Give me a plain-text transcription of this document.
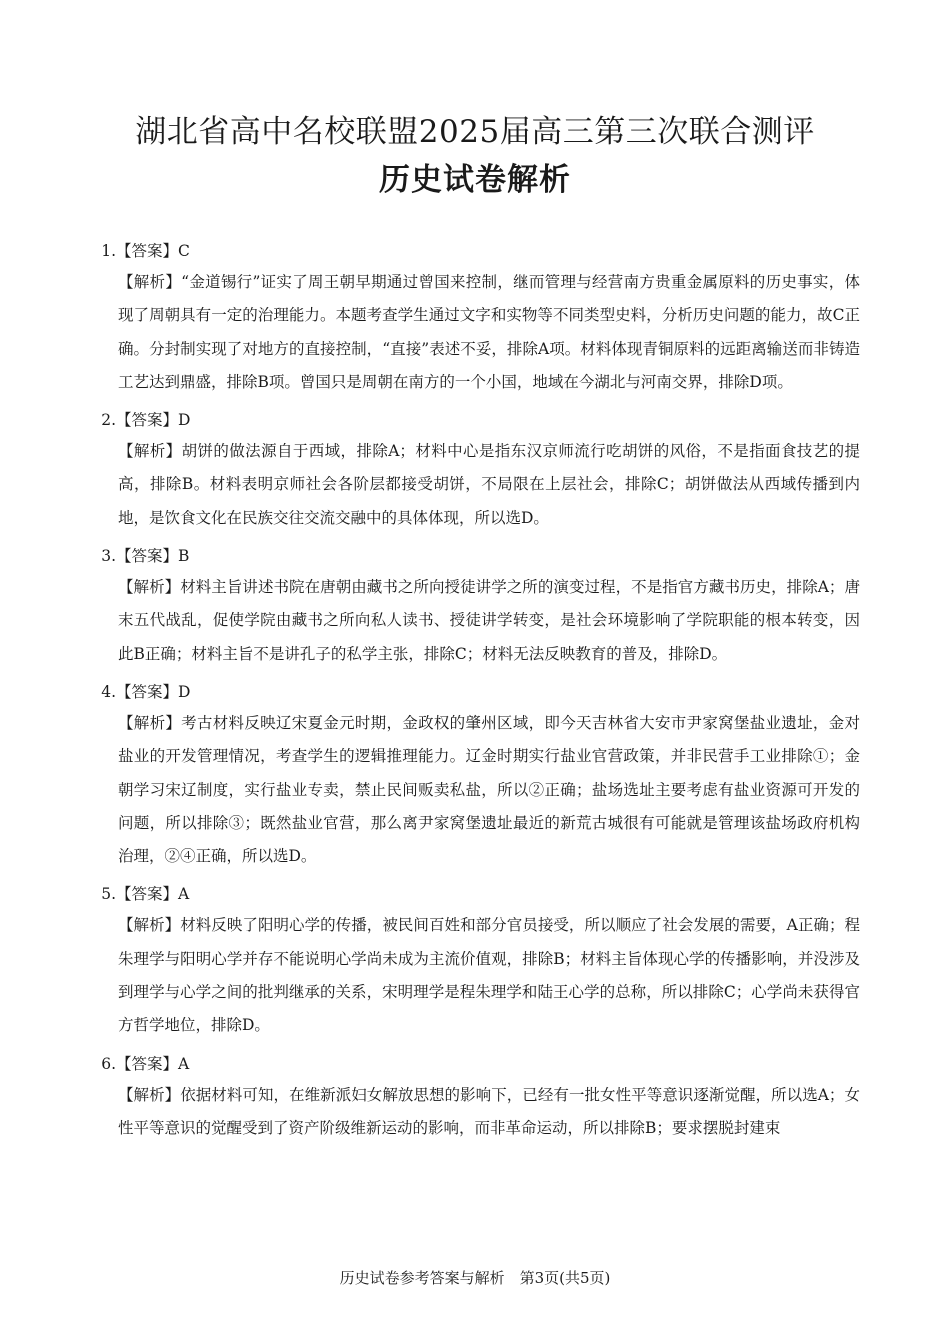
湖北省高中名校联盟2025届高三第三次联合测评
历史试卷解析
1.【答案】C
【解析】“金道锡行”证实了周王朝早期通过曾国来控制，继而管理与经营南方贵重金属原料的历史事实，体现了周朝具有一定的治理能力。本题考查学生通过文字和实物等不同类型史料，分析历史问题的能力，故C正确。分封制实现了对地方的直接控制，“直接”表述不妥，排除A项。材料体现青铜原料的远距离输送而非铸造工艺达到鼎盛，排除B项。曾国只是周朝在南方的一个小国，地域在今湖北与河南交界，排除D项。
2.【答案】D
【解析】胡饼的做法源自于西域，排除A；材料中心是指东汉京师流行吃胡饼的风俗，不是指面食技艺的提高，排除B。材料表明京师社会各阶层都接受胡饼，不局限在上层社会，排除C；胡饼做法从西域传播到内地，是饮食文化在民族交往交流交融中的具体体现，所以选D。
3.【答案】B
【解析】材料主旨讲述书院在唐朝由藏书之所向授徒讲学之所的演变过程，不是指官方藏书历史，排除A；唐末五代战乱，促使学院由藏书之所向私人读书、授徒讲学转变，是社会环境影响了学院职能的根本转变，因此B正确；材料主旨不是讲孔子的私学主张，排除C；材料无法反映教育的普及，排除D。
4.【答案】D
【解析】考古材料反映辽宋夏金元时期，金政权的肇州区域，即今天吉林省大安市尹家窝堡盐业遗址，金对盐业的开发管理情况，考查学生的逻辑推理能力。辽金时期实行盐业官营政策，并非民营手工业排除①；金朝学习宋辽制度，实行盐业专卖，禁止民间贩卖私盐，所以②正确；盐场选址主要考虑有盐业资源可开发的问题，所以排除③；既然盐业官营，那么离尹家窝堡遗址最近的新荒古城很有可能就是管理该盐场政府机构治理，②④正确，所以选D。
5.【答案】A
【解析】材料反映了阳明心学的传播，被民间百姓和部分官员接受，所以顺应了社会发展的需要，A正确；程朱理学与阳明心学并存不能说明心学尚未成为主流价值观，排除B；材料主旨体现心学的传播影响，并没涉及到理学与心学之间的批判继承的关系，宋明理学是程朱理学和陆王心学的总称，所以排除C；心学尚未获得官方哲学地位，排除D。
6.【答案】A
【解析】依据材料可知，在维新派妇女解放思想的影响下，已经有一批女性平等意识逐渐觉醒，所以选A；女性平等意识的觉醒受到了资产阶级维新运动的影响，而非革命运动，所以排除B；要求摆脱封建束
历史试卷参考答案与解析　第3页(共5页)
